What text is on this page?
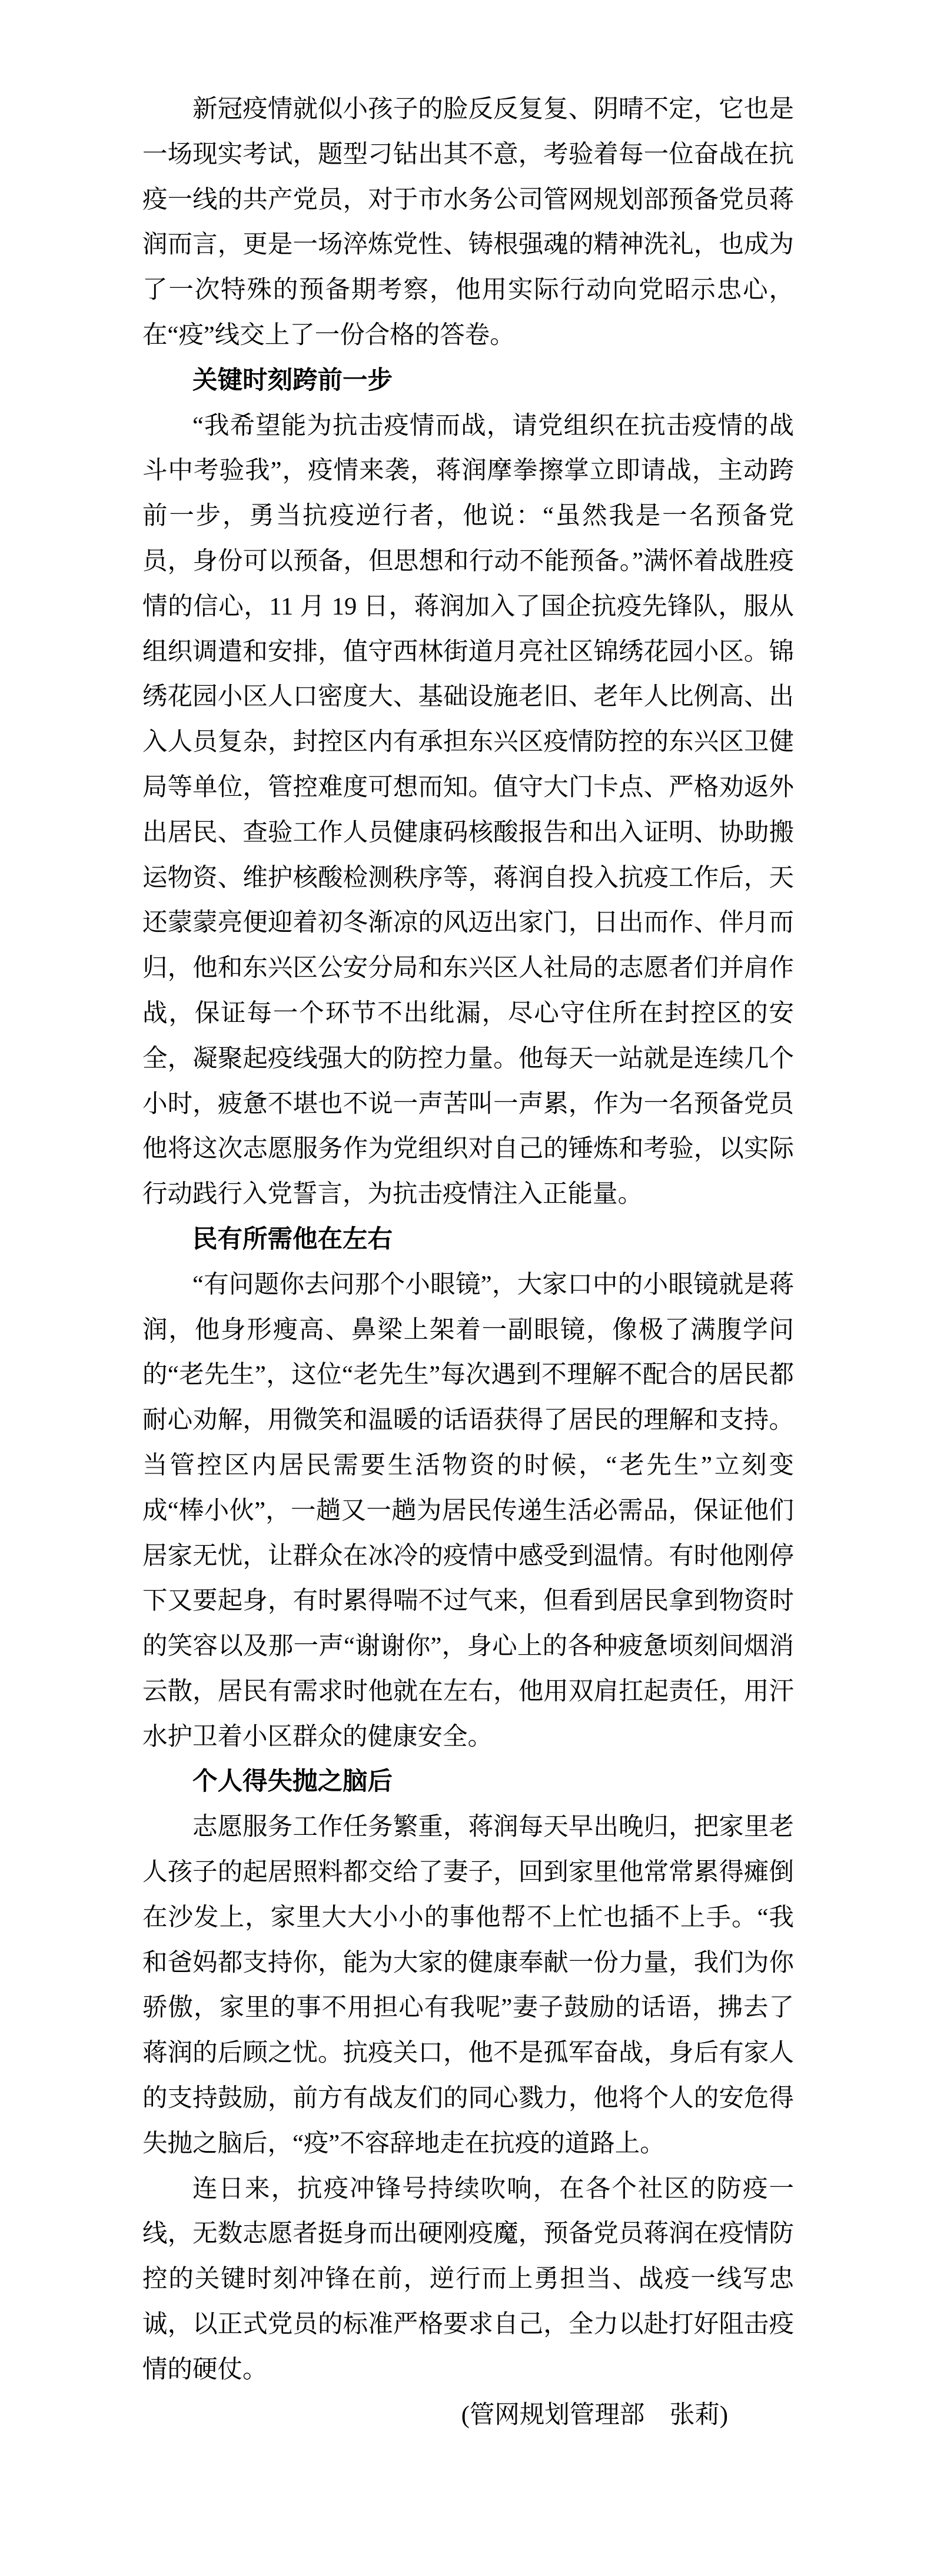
新冠疫情就似小孩子的脸反反复复、阴晴不定，它也是一场现实考试，题型刁钻出其不意，考验着每一位奋战在抗疫一线的共产党员，对于市水务公司管网规划部预备党员蒋润而言，更是一场淬炼党性、铸根强魂的精神洗礼，也成为了一次特殊的预备期考察，他用实际行动向党昭示忠心，在“疫”线交上了一份合格的答卷。

关键时刻跨前一步

“我希望能为抗击疫情而战，请党组织在抗击疫情的战斗中考验我”，疫情来袭，蒋润摩拳擦掌立即请战，主动跨前一步，勇当抗疫逆行者，他说：“虽然我是一名预备党员，身份可以预备，但思想和行动不能预备。”满怀着战胜疫情的信心，11 月 19 日，蒋润加入了国企抗疫先锋队，服从组织调遣和安排，值守西林街道月亮社区锦绣花园小区。锦绣花园小区人口密度大、基础设施老旧、老年人比例高、出入人员复杂，封控区内有承担东兴区疫情防控的东兴区卫健局等单位，管控难度可想而知。值守大门卡点、严格劝返外出居民、查验工作人员健康码核酸报告和出入证明、协助搬运物资、维护核酸检测秩序等，蒋润自投入抗疫工作后，天还蒙蒙亮便迎着初冬渐凉的风迈出家门，日出而作、伴月而归，他和东兴区公安分局和东兴区人社局的志愿者们并肩作战，保证每一个环节不出纰漏，尽心守住所在封控区的安全，凝聚起疫线强大的防控力量。他每天一站就是连续几个小时，疲惫不堪也不说一声苦叫一声累，作为一名预备党员他将这次志愿服务作为党组织对自己的锤炼和考验，以实际行动践行入党誓言，为抗击疫情注入正能量。

民有所需他在左右

“有问题你去问那个小眼镜”，大家口中的小眼镜就是蒋润，他身形瘦高、鼻梁上架着一副眼镜，像极了满腹学问的“老先生”，这位“老先生”每次遇到不理解不配合的居民都耐心劝解，用微笑和温暖的话语获得了居民的理解和支持。当管控区内居民需要生活物资的时候，“老先生”立刻变成“棒小伙”，一趟又一趟为居民传递生活必需品，保证他们居家无忧，让群众在冰冷的疫情中感受到温情。有时他刚停下又要起身，有时累得喘不过气来，但看到居民拿到物资时的笑容以及那一声“谢谢你”，身心上的各种疲惫顷刻间烟消云散，居民有需求时他就在左右，他用双肩扛起责任，用汗水护卫着小区群众的健康安全。

个人得失抛之脑后

志愿服务工作任务繁重，蒋润每天早出晚归，把家里老人孩子的起居照料都交给了妻子，回到家里他常常累得瘫倒在沙发上，家里大大小小的事他帮不上忙也插不上手。“我和爸妈都支持你，能为大家的健康奉献一份力量，我们为你骄傲，家里的事不用担心有我呢”妻子鼓励的话语，拂去了蒋润的后顾之忧。抗疫关口，他不是孤军奋战，身后有家人的支持鼓励，前方有战友们的同心戮力，他将个人的安危得失抛之脑后，“疫”不容辞地走在抗疫的道路上。

连日来，抗疫冲锋号持续吹响，在各个社区的防疫一线，无数志愿者挺身而出硬刚疫魔，预备党员蒋润在疫情防控的关键时刻冲锋在前，逆行而上勇担当、战疫一线写忠诚，以正式党员的标准严格要求自己，全力以赴打好阻击疫情的硬仗。

(管网规划管理部　张莉)
